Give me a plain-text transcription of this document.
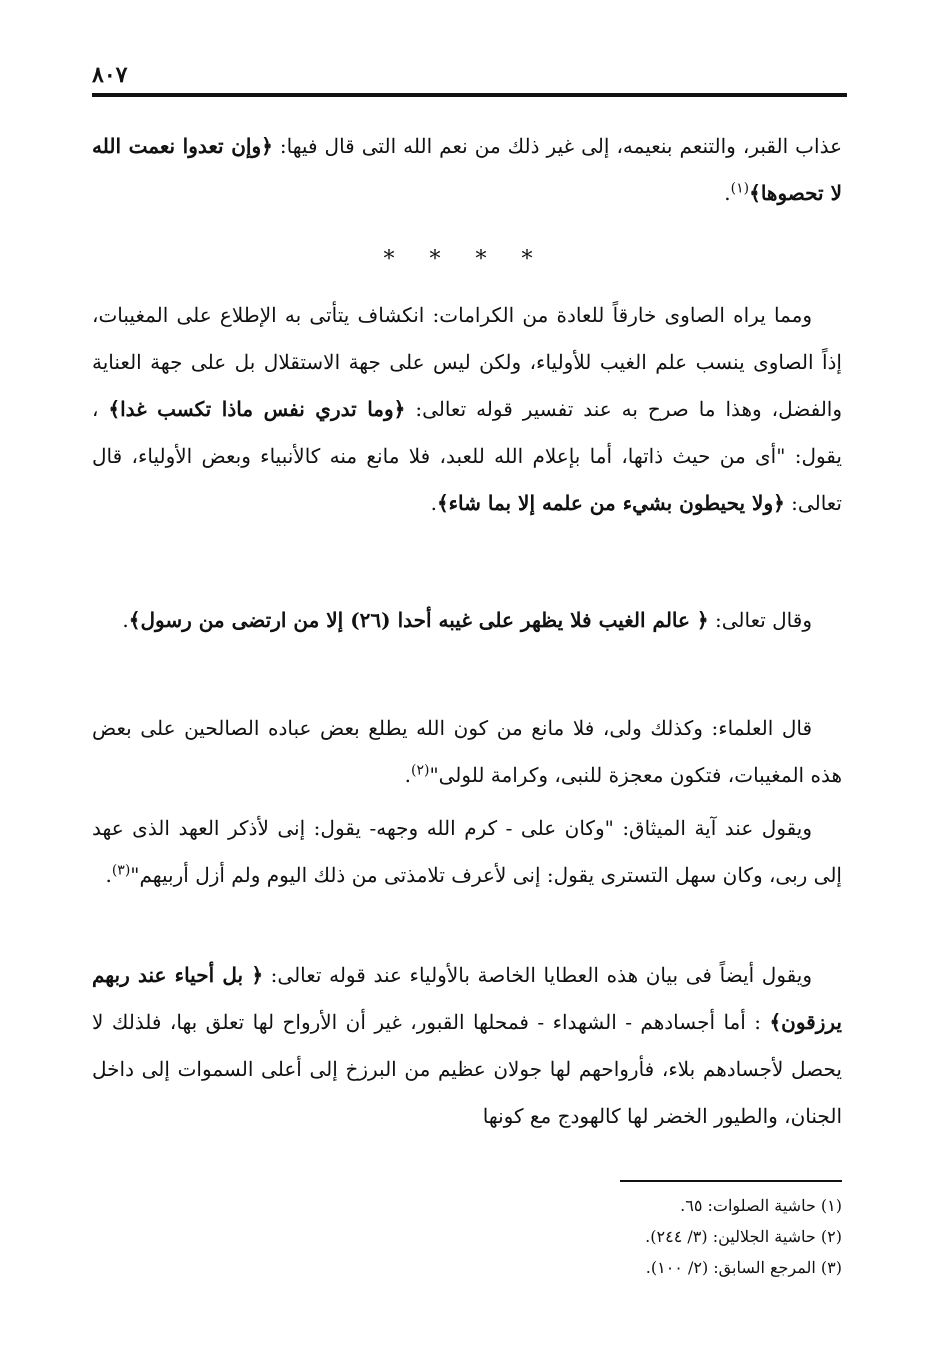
٨٠٧
عذاب القبر، والتنعم بنعيمه، إلى غير ذلك من نعم الله التى قال فيها: ﴿وإن تعدوا نعمت الله لا تحصوها﴾$^{(١)}$.
* * * *
ومما يراه الصاوى خارقاً للعادة من الكرامات: انكشاف يتأتى به الإطلاع على المغيبات، إذاً الصاوى ينسب علم الغيب للأولياء، ولكن ليس على جهة الاستقلال بل على جهة العناية والفضل، وهذا ما صرح به عند تفسير قوله تعالى: ﴿وما تدري نفس ماذا تكسب غدا﴾ ، يقول: "أى من حيث ذاتها، أما بإعلام الله للعبد، فلا مانع منه كالأنبياء وبعض الأولياء، قال تعالى: ﴿ولا يحيطون بشيء من علمه إلا بما شاء﴾.
وقال تعالى: ﴿ عالم الغيب فلا يظهر على غيبه أحدا (٢٦) إلا من ارتضى من رسول﴾.
قال العلماء: وكذلك ولى، فلا مانع من كون الله يطلع بعض عباده الصالحين على بعض هذه المغيبات، فتكون معجزة للنبى، وكرامة للولى"$^{(٢)}$.
ويقول عند آية الميثاق: "وكان على - كرم الله وجهه- يقول: إنى لأذكر العهد الذى عهد إلى ربى، وكان سهل التسترى يقول: إنى لأعرف تلامذتى من ذلك اليوم ولم أزل أربيهم"$^{(٣)}$.
ويقول أيضاً فى بيان هذه العطايا الخاصة بالأولياء عند قوله تعالى: ﴿ بل أحياء عند ربهم يرزقون﴾ : أما أجسادهم - الشهداء - فمحلها القبور، غير أن الأرواح لها تعلق بها، فلذلك لا يحصل لأجسادهم بلاء، فأرواحهم لها جولان عظيم من البرزخ إلى أعلى السموات إلى داخل الجنان، والطيور الخضر لها كالهودج مع كونها
(١) حاشية الصلوات: ٦٥.
(٢) حاشية الجلالين: (٣/ ٢٤٤).
(٣) المرجع السابق: (٢/ ١٠٠).
